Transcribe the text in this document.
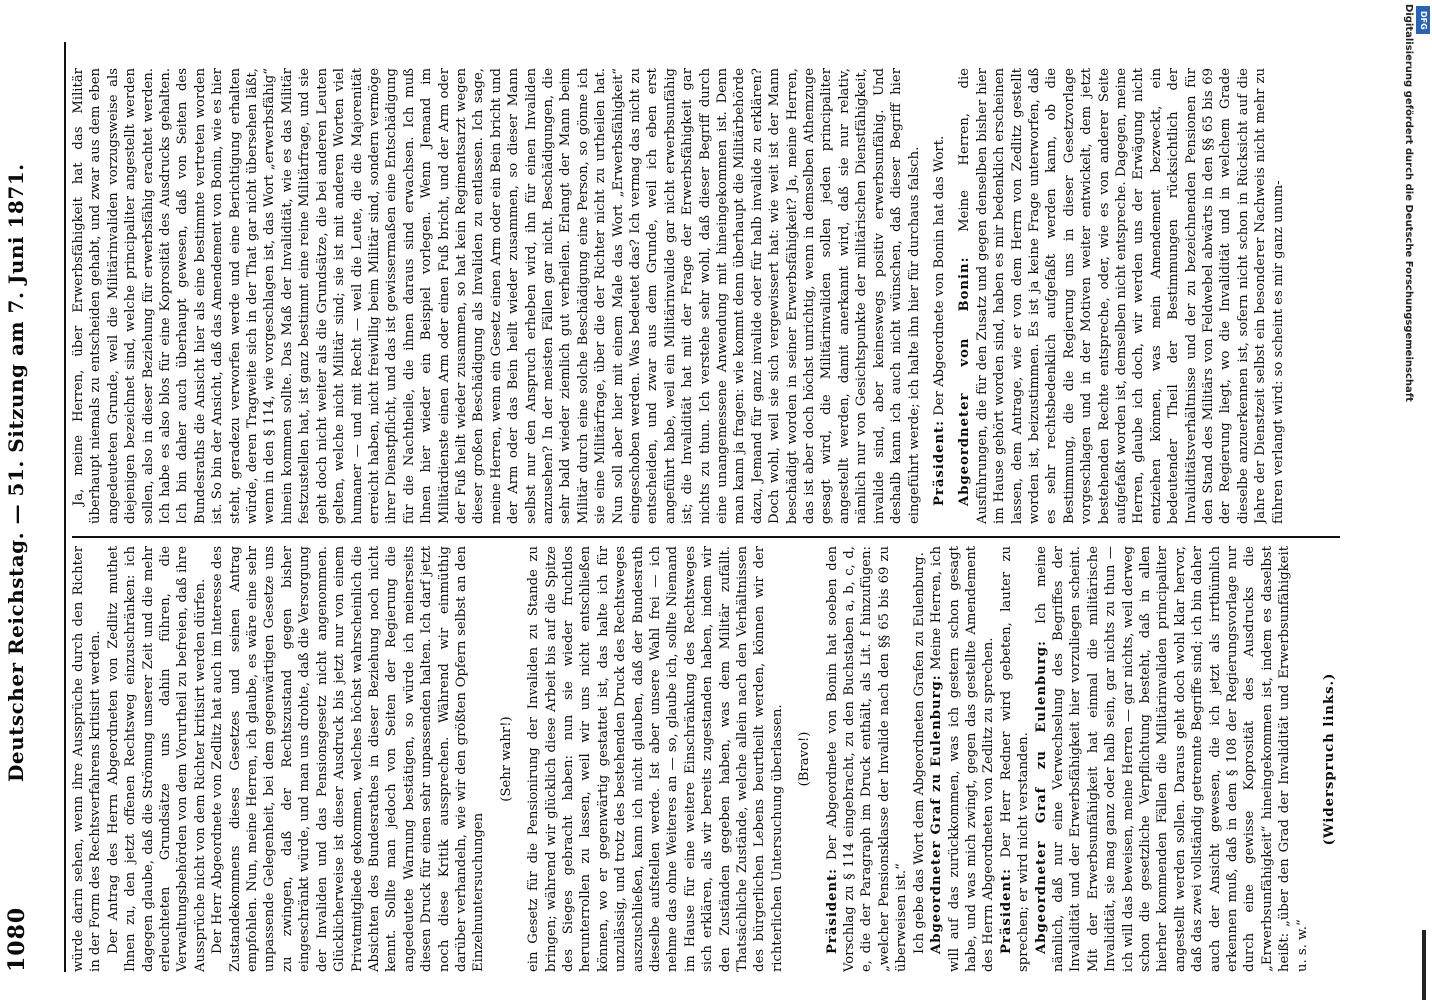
1080
Deutscher Reichstag. — 51. Sitzung am 7. Juni 1871.	würde darin sehen, wenn ihre Aussprüche durch den Richter in der Form des Rechtsverfahrens kritisirt werden. Der Antrag des Herrn Abgeordneten von Zedlitz muthet Ihnen zu, den jetzt offenen Rechtsweg einzuschränken: ich dagegen glaube, daß die Strömung unserer Zeit und die mehr erleuchteten Grundsätze uns dahin führen, die Verwaltungsbehörden von dem Vorurtheil zu befreien, daß ihre Aussprüche nicht von dem Richter kritisirt werden dürfen. Der Herr Abgeordnete von Zedlitz hat auch im Interesse des Zustandekommens dieses Gesetzes und seinen Antrag empfohlen. Nun, meine Herren, ich glaube, es wäre eine sehr unpassende Gelegenheit, bei dem gegenwärtigen Gesetze uns zu zwingen, daß der Rechtszustand gegen bisher eingeschränkt würde, und man uns drohte, daß die Versorgung der Invaliden und das Pensionsgesetz nicht angenommen. Glücklicherweise ist dieser Ausdruck bis jetzt nur von einem Privatmitgliede gekommen, welches höchst wahrscheinlich die Absichten des Bundesrathes in dieser Beziehung noch nicht kennt. Sollte man jedoch von Seiten der Regierung die angedeutete Warnung bestätigen, so würde ich meinerseits diesen Druck für einen sehr unpassenden halten. Ich darf jetzt noch diese Kritik aussprechen. Während wir einmüthig darüber verhandeln, wie wir den größten Opfern selbst an den Einzelnuntersuchungen

(Sehr wahr!) ein Gesetz für die Pensionirung der Invaliden zu Stande zu bringen; während wir glücklich diese Arbeit bis auf die Spitze des Sieges gebracht haben: nun sie wieder fruchtlos herunterrollen zu lassen, weil wir uns nicht entschließen können, wo er gegenwärtig gestattet ist, das halte ich für unzulässig, und trotz des bestehenden Druck des Rechtsweges auszuschließen, kann ich nicht glauben, daß der Bundesrath dieselbe aufstellen werde. Ist aber unsere Wahl frei — ich nehme das ohne Weiteres an — so, glaube ich, sollte Niemand im Hause für eine weitere Einschränkung des Rechtsweges sich erklären, als wir bereits zugestanden haben, indem wir den Zuständen gegeben haben, was dem Militär zufällt. Thatsächliche Zustände, welche allein nach den Verhältnissen des bürgerlichen Lebens beurtheilt werden, können wir der richterlichen Untersuchung überlassen. (Bravo!)

Präsident: Der Abgeordnete von Bonin hat soeben den Vorschlag zu § 114 eingebracht, zu den Buchstaben a, b, c, d, e, die der Paragraph im Druck enthält, als Lit. f hinzufügen: „welcher Pensionsklasse der Invalide nach den §§ 65 bis 69 zu überweisen ist.“ Ich gebe das Wort dem Abgeordneten Grafen zu Eulenburg. Abgeordneter Graf zu Eulenburg: Meine Herren, ich will auf das zurückkommen, was ich gestern schon gesagt habe, und was mich zwingt, gegen das gestellte Amendement des Herrn Abgeordneten von Zedlitz zu sprechen. Präsident: Der Herr Redner wird gebeten, lauter zu sprechen; er wird nicht verstanden. Abgeordneter Graf zu Eulenburg: Ich meine nämlich, daß nur eine Verwechselung des Begriffes der Invalidität und der Erwerbsfähigkeit hier vorzuliegen scheint. Mit der Erwerbsunfähigkeit hat einmal die militärische Invalidität, sie mag ganz oder halb sein, gar nichts zu thun — ich will das beweisen, meine Herren — gar nichts, weil derweg schon die gesetzliche Verpflichtung besteht, daß in allen hierher kommenden Fällen die Militärinvaliden principaliter angestellt werden sollen. Daraus geht doch wohl klar hervor, daß das zwei vollständig getrennte Begriffe sind; ich bin daher auch der Ansicht gewesen, die ich jetzt als irrthümlich erkennen muß, daß in dem § 108 der Regierungsvorlage nur durch eine gewisse Koprosität des Ausdrucks die „Erwerbsunfähigkeit“ hineingekommen ist, indem es daselbst heißt: „über den Grad der Invalidität und Erwerbsunfähigkeit u. s. w.“

(Widerspruch links.)

Ja, meine Herren, über Erwerbsfähigkeit hat das Militär überhaupt niemals zu entscheiden gehabt, und zwar aus dem eben angedeuteten Grunde, weil die Militärinvaliden vorzugsweise als diejenigen bezeichnet sind, welche principaliter angestellt werden sollen, also in dieser Beziehung für erwerbsfähig erachtet werden. Ich habe es also blos für eine Koprosität des Ausdrucks gehalten. Ich bin daher auch überhaupt gewesen, daß von Seiten des Bundesraths die Ansicht hier als eine bestimmte vertreten worden ist. So bin der Ansicht, daß das Amendement von Bonin, wie es hier steht, geradezu verworfen werde und eine Berichtigung erhalten würde, deren Tragweite sich in der That gar nicht übersehen läßt, wenn in den § 114, wie vorgeschlagen ist, das Wort „erwerbsfähig“ hinein kommen sollte. Das Maß der Invalidität, wie es das Militär festzustellen hat, ist ganz bestimmt eine reine Militärfrage, und sie geht doch nicht weiter als die Grundsätze, die bei anderen Leuten gelten, welche nicht Militär sind; sie ist mit anderen Worten viel humaner — und mit Recht — weil die Leute, die die Majorenität erreicht haben, nicht freiwillig beim Militär sind, sondern vermöge ihrer Dienstpflicht, und das ist gewissermaßen eine Entschädigung für die Nachtheile, die ihnen daraus sind erwachsen. Ich muß Ihnen hier wieder ein Beispiel vorlegen. Wenn Jemand im Militärdienste einen Arm oder einen Fuß bricht, und der Arm oder der Fuß heilt wieder zusammen, so hat kein Regimentsarzt wegen dieser großen Beschädigung als Invaliden zu entlassen. Ich sage, meine Herren, wenn ein Gesetz einen Arm oder ein Bein bricht und der Arm oder das Bein heilt wieder zusammen, so dieser Mann selbst nur den Anspruch erheben wird, ihn für einen Invaliden anzusehen? In der meisten Fällen gar nicht. Beschädigungen, die sehr bald wieder ziemlich gut verheilen. Erlangt der Mann beim Militär durch eine solche Beschädigung eine Person, so gönne ich sie eine Militärfrage, über die der Richter nicht zu urtheilen hat. Nun soll aber hier mit einem Male das Wort „Erwerbsfähigkeit“ eingeschoben werden. Was bedeutet das? Ich vermag das nicht zu entscheiden, und zwar aus dem Grunde, weil ich eben erst angeführt habe, weil ein Militärinvalide gar nicht erwerbsunfähig ist; die Invalidität hat mit der Frage der Erwerbsfähigkeit gar nichts zu thun. Ich verstehe sehr wohl, daß dieser Begriff durch eine unangemessene Anwendung mit hineingekommen ist. Denn man kann ja fragen: wie kommt denn überhaupt die Militärbehörde dazu, Jemand für ganz invalide oder für halb invalide zu erklären? Doch wohl, weil sie sich vergewissert hat: wie weit ist der Mann beschädigt worden in seiner Erwerbsfähigkeit? Ja, meine Herren, das ist aber doch höchst unrichtig, wenn in demselben Athemzuge gesagt wird, die Militärinvaliden sollen jeden principaliter angestellt werden, damit anerkannt wird, daß sie nur relativ, nämlich nur von Gesichtspunkte der militärischen Dienstfähigkeit, invalide sind, aber keineswegs positiv erwerbsunfähig. Und deshalb kann ich auch nicht wünschen, daß dieser Begriff hier eingeführt werde; ich halte ihn hier für durchaus falsch. Präsident: Der Abgeordnete von Bonin hat das Wort. Abgeordneter von Bonin: Meine Herren, die Ausführungen, die für den Zusatz und gegen denselben bisher hier im Hause gehört worden sind, haben es mir bedenklich erscheinen lassen, dem Antrage, wie er von dem Herrn von Zedlitz gestellt worden ist, beizustimmen. Es ist ja keine Frage unterworfen, daß es sehr rechtsbedenklich aufgefaßt werden kann, ob die Bestimmung, die die Regierung uns in dieser Gesetzvorlage vorgeschlagen und in der Motiven weiter entwickelt, dem jetzt bestehenden Rechte entspreche, oder, wie es von anderer Seite aufgefaßt worden ist, demselben nicht entspreche. Dagegen, meine Herren, glaube ich doch, wir werden uns der Erwägung nicht entziehen können, was mein Amendement bezweckt, ein bedeutender Theil der Bestimmungen rücksichtlich der Invaliditätsverhältnisse und der zu bezeichnenden Pensionen für den Stand des Militärs von Feldwebel abwärts in den §§ 65 bis 69 der Regierung liegt, wo die Invalidität und in welchem Grade dieselbe anzuerkennen ist, sofern nicht schon in Rücksicht auf die Jahre der Dienstzeit selbst ein besonderer Nachweis nicht mehr zu führen verlangt wird: so scheint es mir ganz unum-

DFG
Digitalisierung gefördert durch die Deutsche Forschungsgemeinschaft
